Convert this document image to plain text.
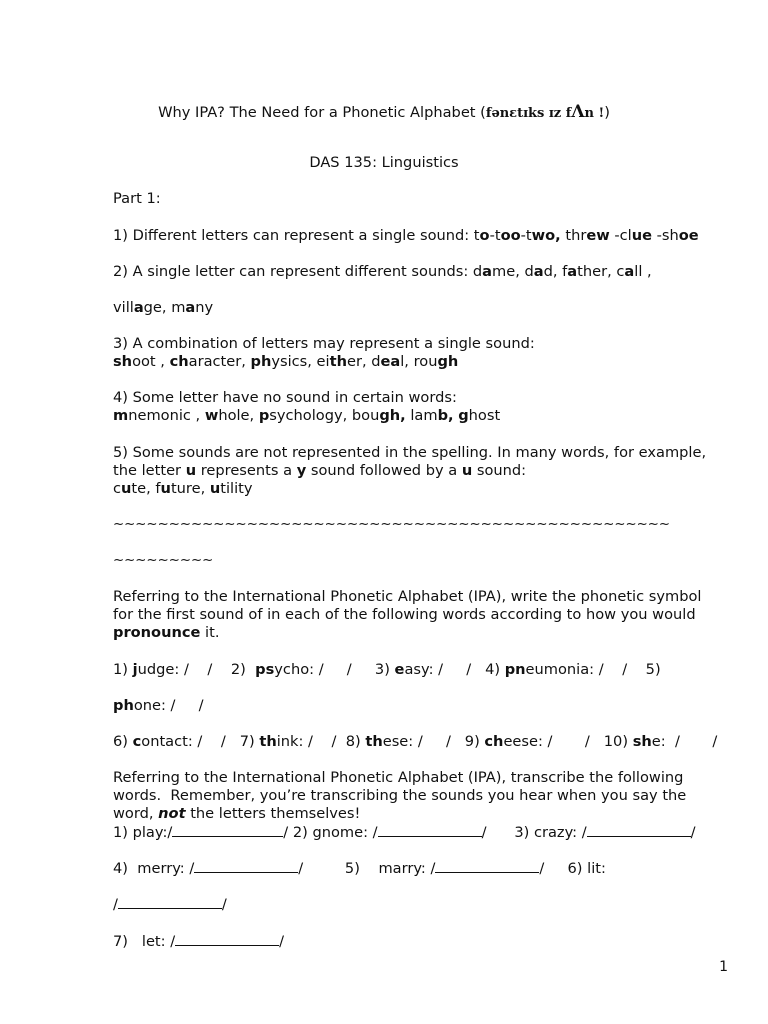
Why IPA? The Need for a Phonetic Alphabet (fənɛtɪks ɪz fΛn !)
DAS 135: Linguistics
Part 1:
1) Different letters can represent a single sound: to-too-two, threw -clue -shoe
2) A single letter can represent different sounds: dame, dad, father, call ,
village, many
3) A combination of letters may represent a single sound:
shoot , character, physics, either, deal, rough
4) Some letter have no sound in certain words:
mnemonic , whole, psychology, bough, lamb, ghost
5) Some sounds are not represented in the spelling. In many words, for example,
the letter u represents a y sound followed by a u sound:
cute, future, utility
~~~~~~~~~~~~~~~~~~~~~~~~~~~~~~~~~~~~~~~~~~~~~~~~~~
~~~~~~~~~
Referring to the International Phonetic Alphabet (IPA), write the phonetic symbol
for the first sound of in each of the following words according to how you would
pronounce it.
1) judge: /    /    2)  psycho: /     /     3) easy: /     /   4) pneumonia: /    /    5)
phone: /     /
6) contact: /    /   7) think: /    /  8) these: /     /   9) cheese: /       /   10) she:  /       /
Referring to the International Phonetic Alphabet (IPA), transcribe the following
words.  Remember, you’re transcribing the sounds you hear when you say the
word, not the letters themselves!
1) play:/	/ 2) gnome: /	/      3) crazy: /	/
4)  merry: /	/         5)    marry: /	/     6) lit:
/	/
7)   let: /	/
1
